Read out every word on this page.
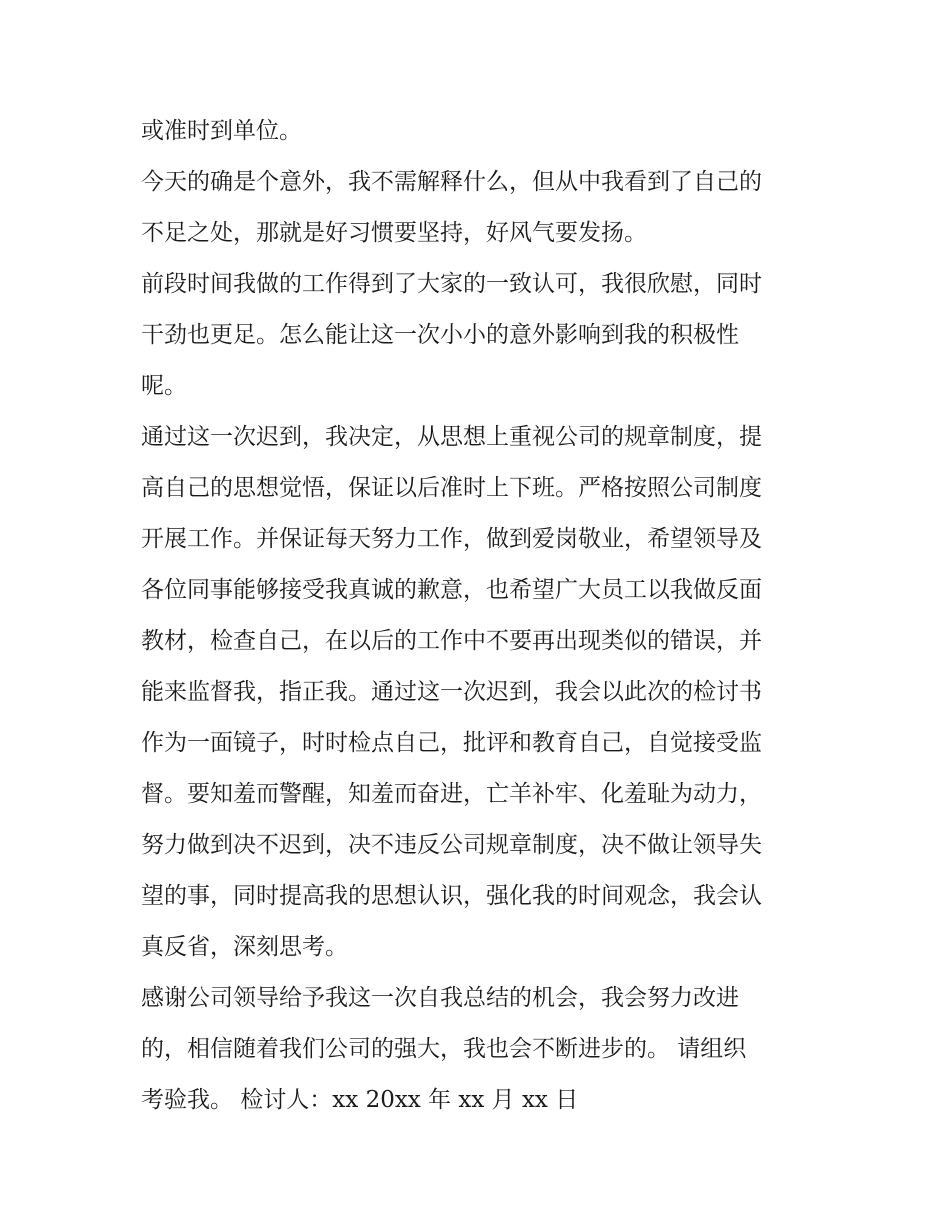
或准时到单位。
今天的确是个意外，我不需解释什么，但从中我看到了自己的
不足之处，那就是好习惯要坚持，好风气要发扬。
前段时间我做的工作得到了大家的一致认可，我很欣慰，同时
干劲也更足。怎么能让这一次小小的意外影响到我的积极性
呢。
通过这一次迟到，我决定，从思想上重视公司的规章制度，提
高自己的思想觉悟，保证以后准时上下班。严格按照公司制度
开展工作。并保证每天努力工作，做到爱岗敬业，希望领导及
各位同事能够接受我真诚的歉意，也希望广大员工以我做反面
教材，检查自己，在以后的工作中不要再出现类似的错误，并
能来监督我，指正我。通过这一次迟到，我会以此次的检讨书
作为一面镜子，时时检点自己，批评和教育自己，自觉接受监
督。要知羞而警醒，知羞而奋进，亡羊补牢、化羞耻为动力，
努力做到决不迟到，决不违反公司规章制度，决不做让领导失
望的事，同时提高我的思想认识，强化我的时间观念，我会认
真反省，深刻思考。
感谢公司领导给予我这一次自我总结的机会，我会努力改进
的，相信随着我们公司的强大，我也会不断进步的。 请组织
考验我。 检讨人：xx 20xx 年 xx 月 xx 日
